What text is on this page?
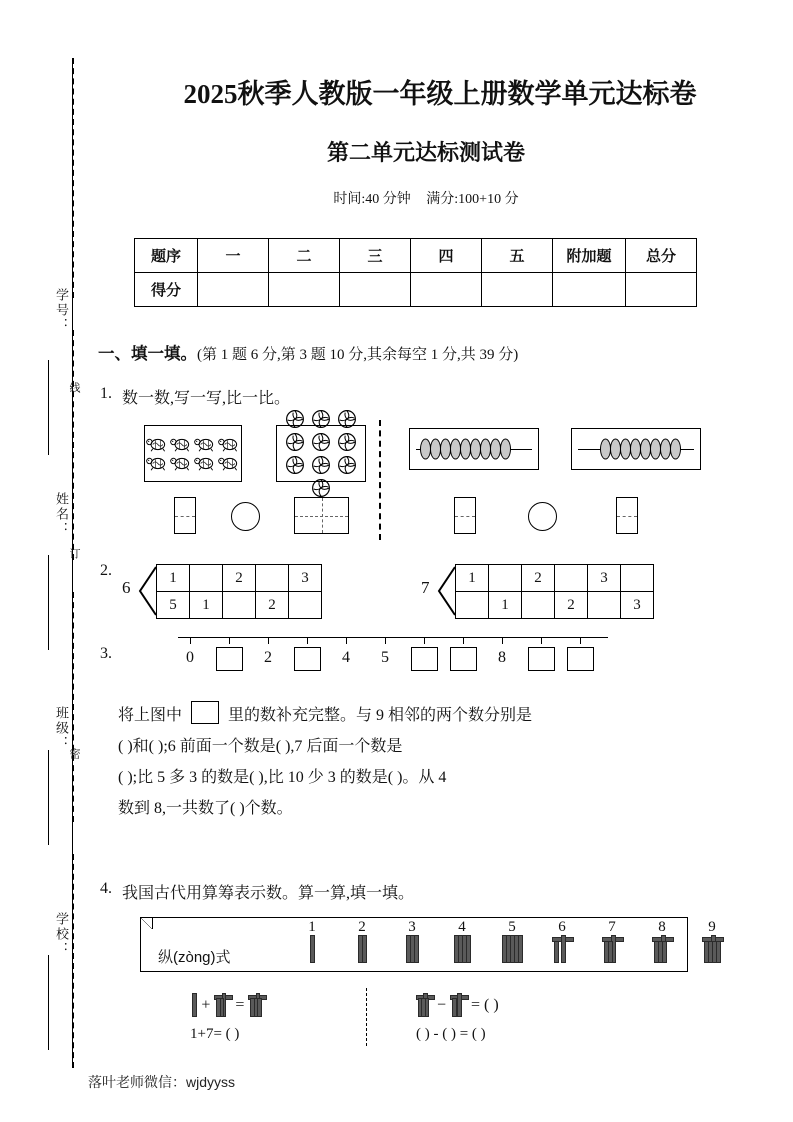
学号：
姓名：
班级：
学校：
线
订
密
2025秋季人教版一年级上册数学单元达标卷
第二单元达标测试卷
时间:40 分钟 满分:100+10 分
题序	一	二	三	四	五	附加题	总分
得分							
一、填一填。(第 1 题 6 分,第 3 题 10 分,其余每空 1 分,共 39 分)
1. 数一数,写一写,比一比。
2.
6
1		2		3
5	1		2	
7
1		2		3	
	1		2		3
3.	0	2	4	5	8
将上图中  里的数补充完整。与 9 相邻的两个数分别是
( )和( );6 前面一个数是( ),7 后面一个数是
( );比 5 多 3 的数是( ),比 10 少 3 的数是( )。从 4
数到 8,一共数了( )个数。
4. 我国古代用算筹表示数。算一算,填一填。
纵(zòng)式
+
=
1+7= ( )
−
= ( )
( ) - ( ) = ( )
落叶老师微信：wjdyyss
1	2	3	4	5	6	7	8	9
